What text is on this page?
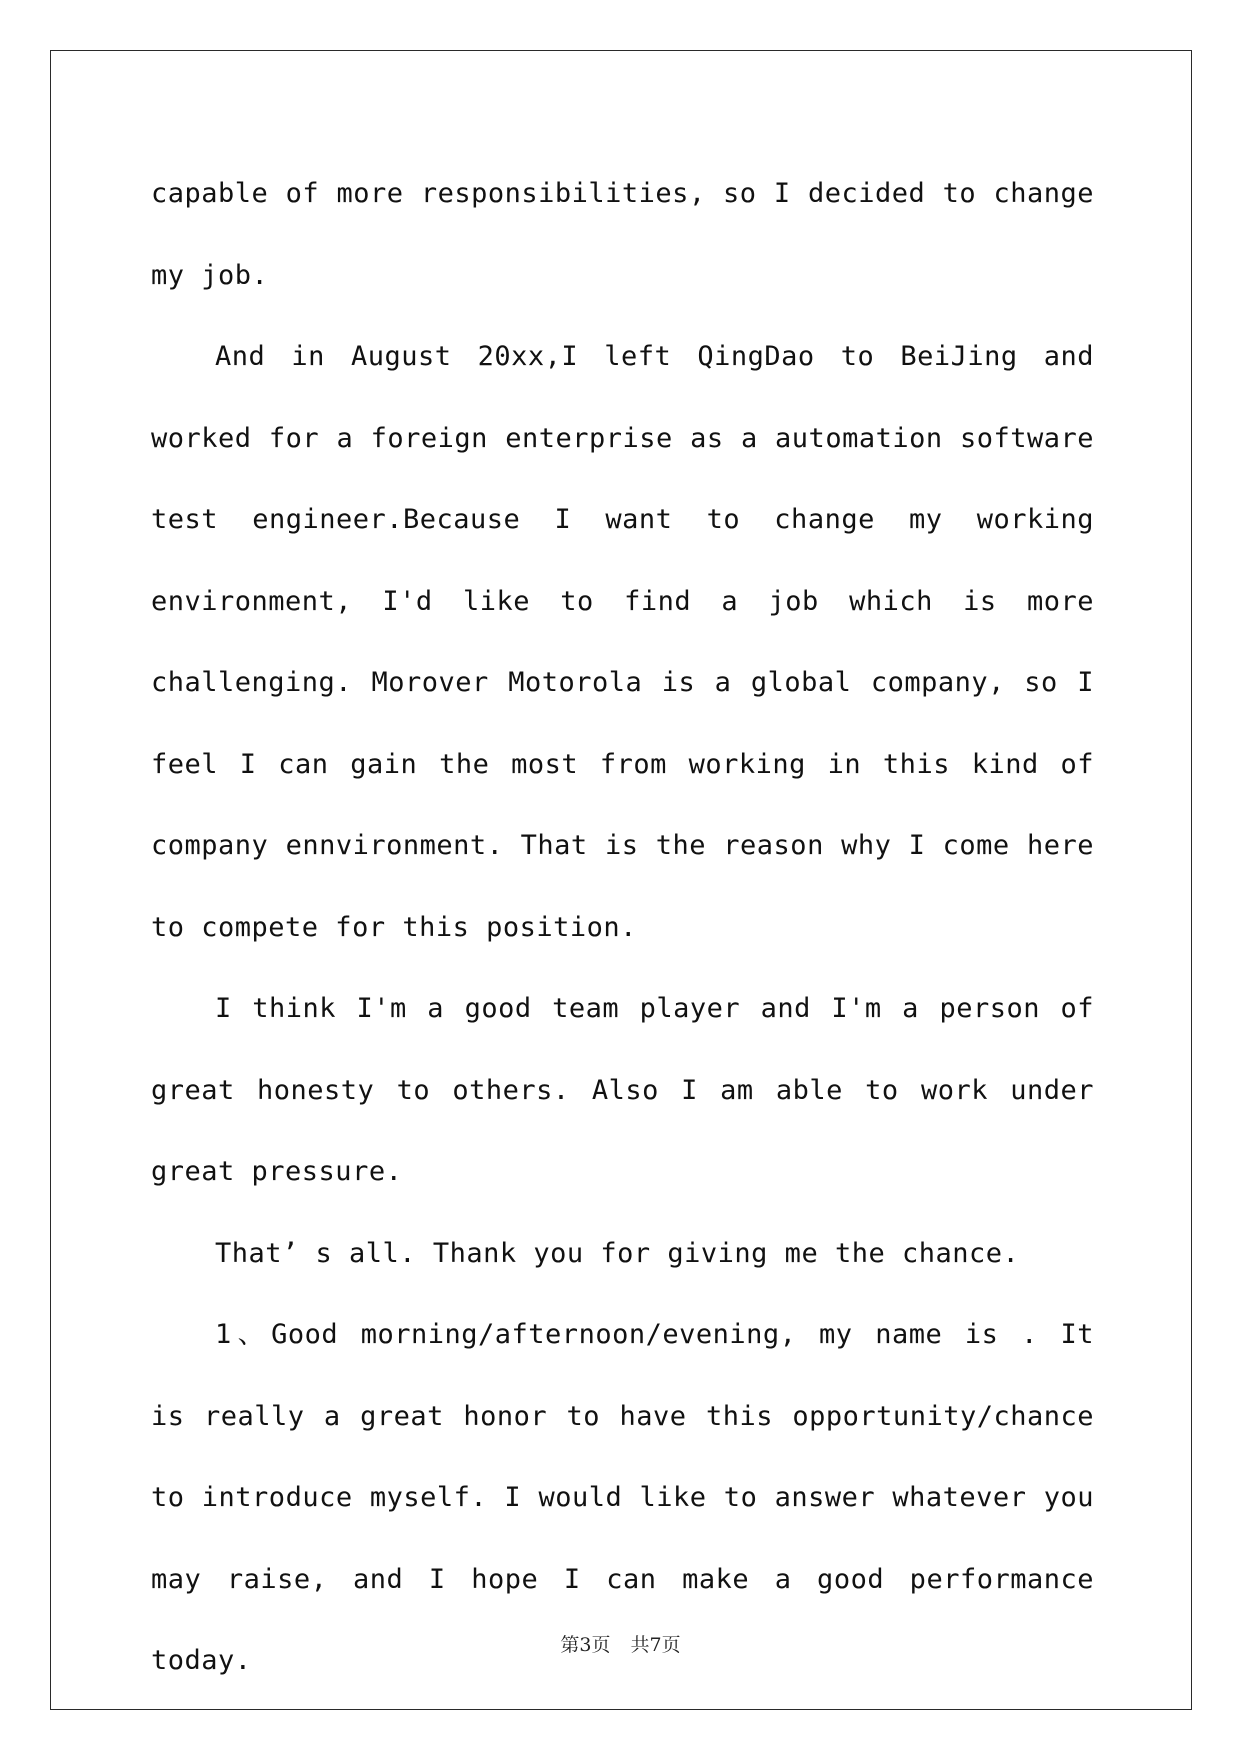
capable of more responsibilities, so I decided to change my job.

And in August 20xx,I left QingDao to BeiJing and worked for a foreign enterprise as a automation software test engineer.Because I want to change my working environment, I'd like to find a job which is more challenging. Morover Motorola is a global company, so I feel I can gain the most from working in this kind of company ennvironment. That is the reason why I come here to compete for this position.

I think I'm a good team player and I'm a person of great honesty to others. Also I am able to work under great pressure.

That’ s all. Thank you for giving me the chance.

1、Good morning/afternoon/evening, my name is . It is really a great honor to have this opportunity/chance to introduce myself. I would like to answer whatever you may raise, and I hope I can make a good performance today.	第3页 共7页
